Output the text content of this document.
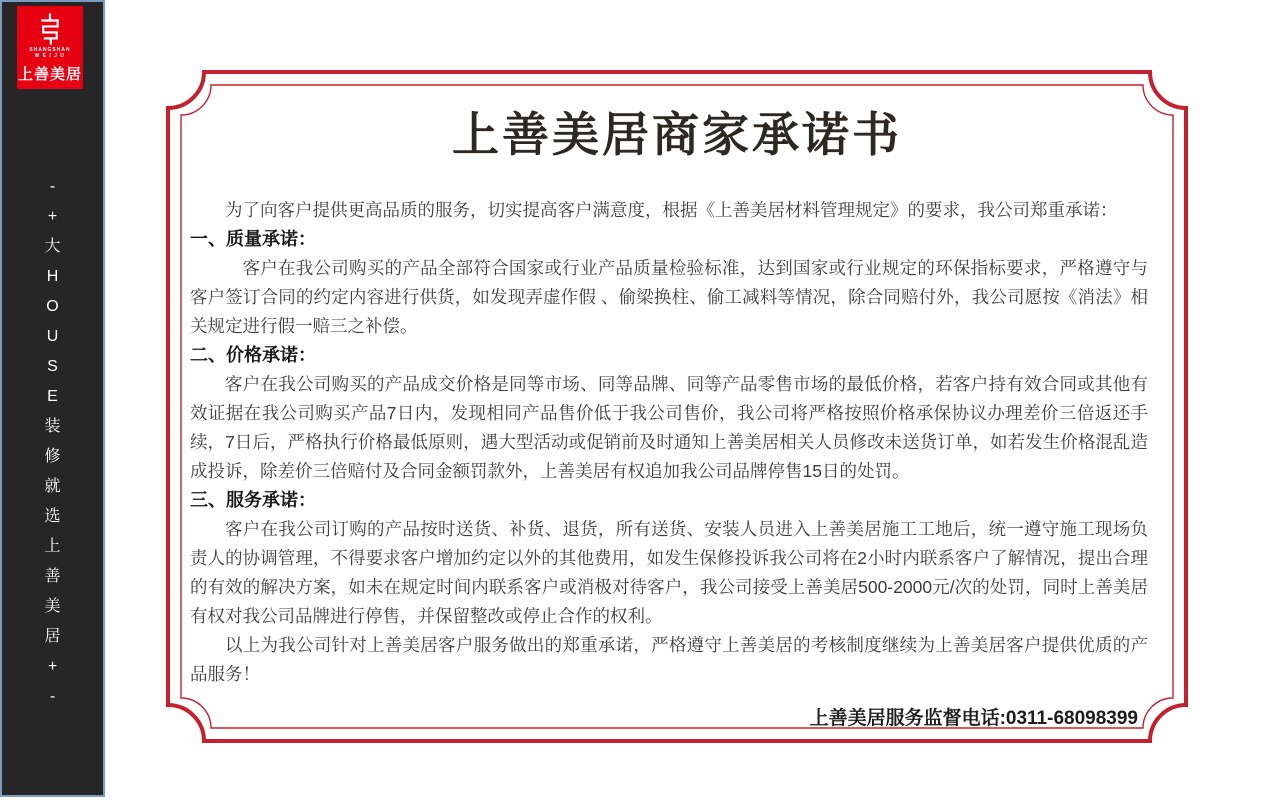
SHANGSHAN
M E I J U
上善美居
-
+
大
H
O
U
S
E
装
修
就
选
上
善
美
居
+
-
上善美居商家承诺书

为了向客户提供更高品质的服务，切实提高客户满意度，根据《上善美居材料管理规定》的要求，我公司郑重承诺：

一、质量承诺：

客户在我公司购买的产品全部符合国家或行业产品质量检验标准，达到国家或行业规定的环保指标要求，严格遵守与客户签订合同的约定内容进行供货，如发现弄虚作假 、偷梁换柱、偷工减料等情况，除合同赔付外，我公司愿按《消法》相关规定进行假一赔三之补偿。

二、价格承诺：

客户在我公司购买的产品成交价格是同等市场、同等品牌、同等产品零售市场的最低价格，若客户持有效合同或其他有效证据在我公司购买产品7日内，发现相同产品售价低于我公司售价，我公司将严格按照价格承保协议办理差价三倍返还手续，7日后，严格执行价格最低原则，遇大型活动或促销前及时通知上善美居相关人员修改未送货订单，如若发生价格混乱造成投诉，除差价三倍赔付及合同金额罚款外，上善美居有权追加我公司品牌停售15日的处罚。

三、服务承诺：

客户在我公司订购的产品按时送货、补货、退货，所有送货、安装人员进入上善美居施工工地后，统一遵守施工现场负责人的协调管理，不得要求客户增加约定以外的其他费用，如发生保修投诉我公司将在2小时内联系客户了解情况，提出合理的有效的解决方案，如未在规定时间内联系客户或消极对待客户，我公司接受上善美居500-2000元/次的处罚，同时上善美居有权对我公司品牌进行停售，并保留整改或停止合作的权利。

以上为我公司针对上善美居客户服务做出的郑重承诺，严格遵守上善美居的考核制度继续为上善美居客户提供优质的产品服务！

上善美居服务监督电话:0311-68098399
